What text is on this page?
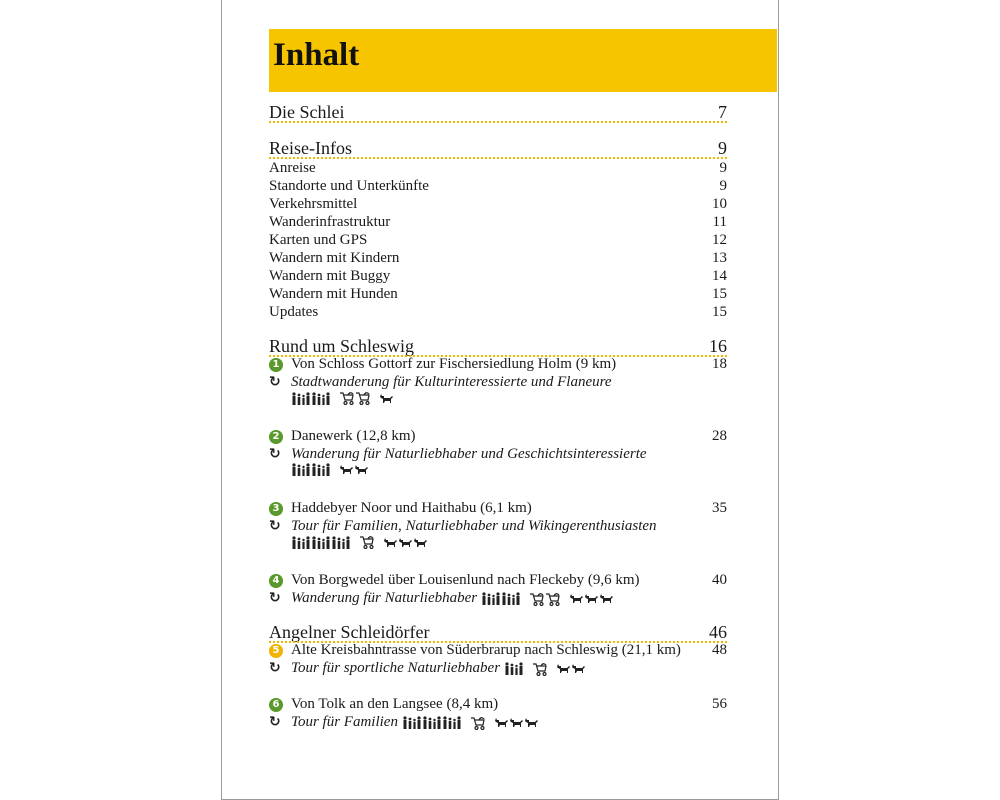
Inhalt
Die Schlei	7
Reise-Infos	9
Anreise	9
Standorte und Unterkünfte	9
Verkehrsmittel	10
Wanderinfrastruktur	11
Karten und GPS	12
Wandern mit Kindern	13
Wandern mit Buggy	14
Wandern mit Hunden	15
Updates	15
Rund um Schleswig	16
1 Von Schloss Gottorf zur Fischersiedlung Holm (9 km)	18
↻ Stadtwanderung für Kulturinteressierte und Flaneure
2 Danewerk (12,8 km)	28
↻ Wanderung für Naturliebhaber und Geschichtsinteressierte
3 Haddebyer Noor und Haithabu (6,1 km)	35
↻ Tour für Familien, Naturliebhaber und Wikingerenthusiasten
4 Von Borgwedel über Louisenlund nach Fleckeby (9,6 km)	40
↻ Wanderung für Naturliebhaber
Angelner Schleidörfer	46
5 Alte Kreisbahntrasse von Süderbrarup nach Schleswig (21,1 km)	48
↻ Tour für sportliche Naturliebhaber
6 Von Tolk an den Langsee (8,4 km)	56
↻ Tour für Familien
